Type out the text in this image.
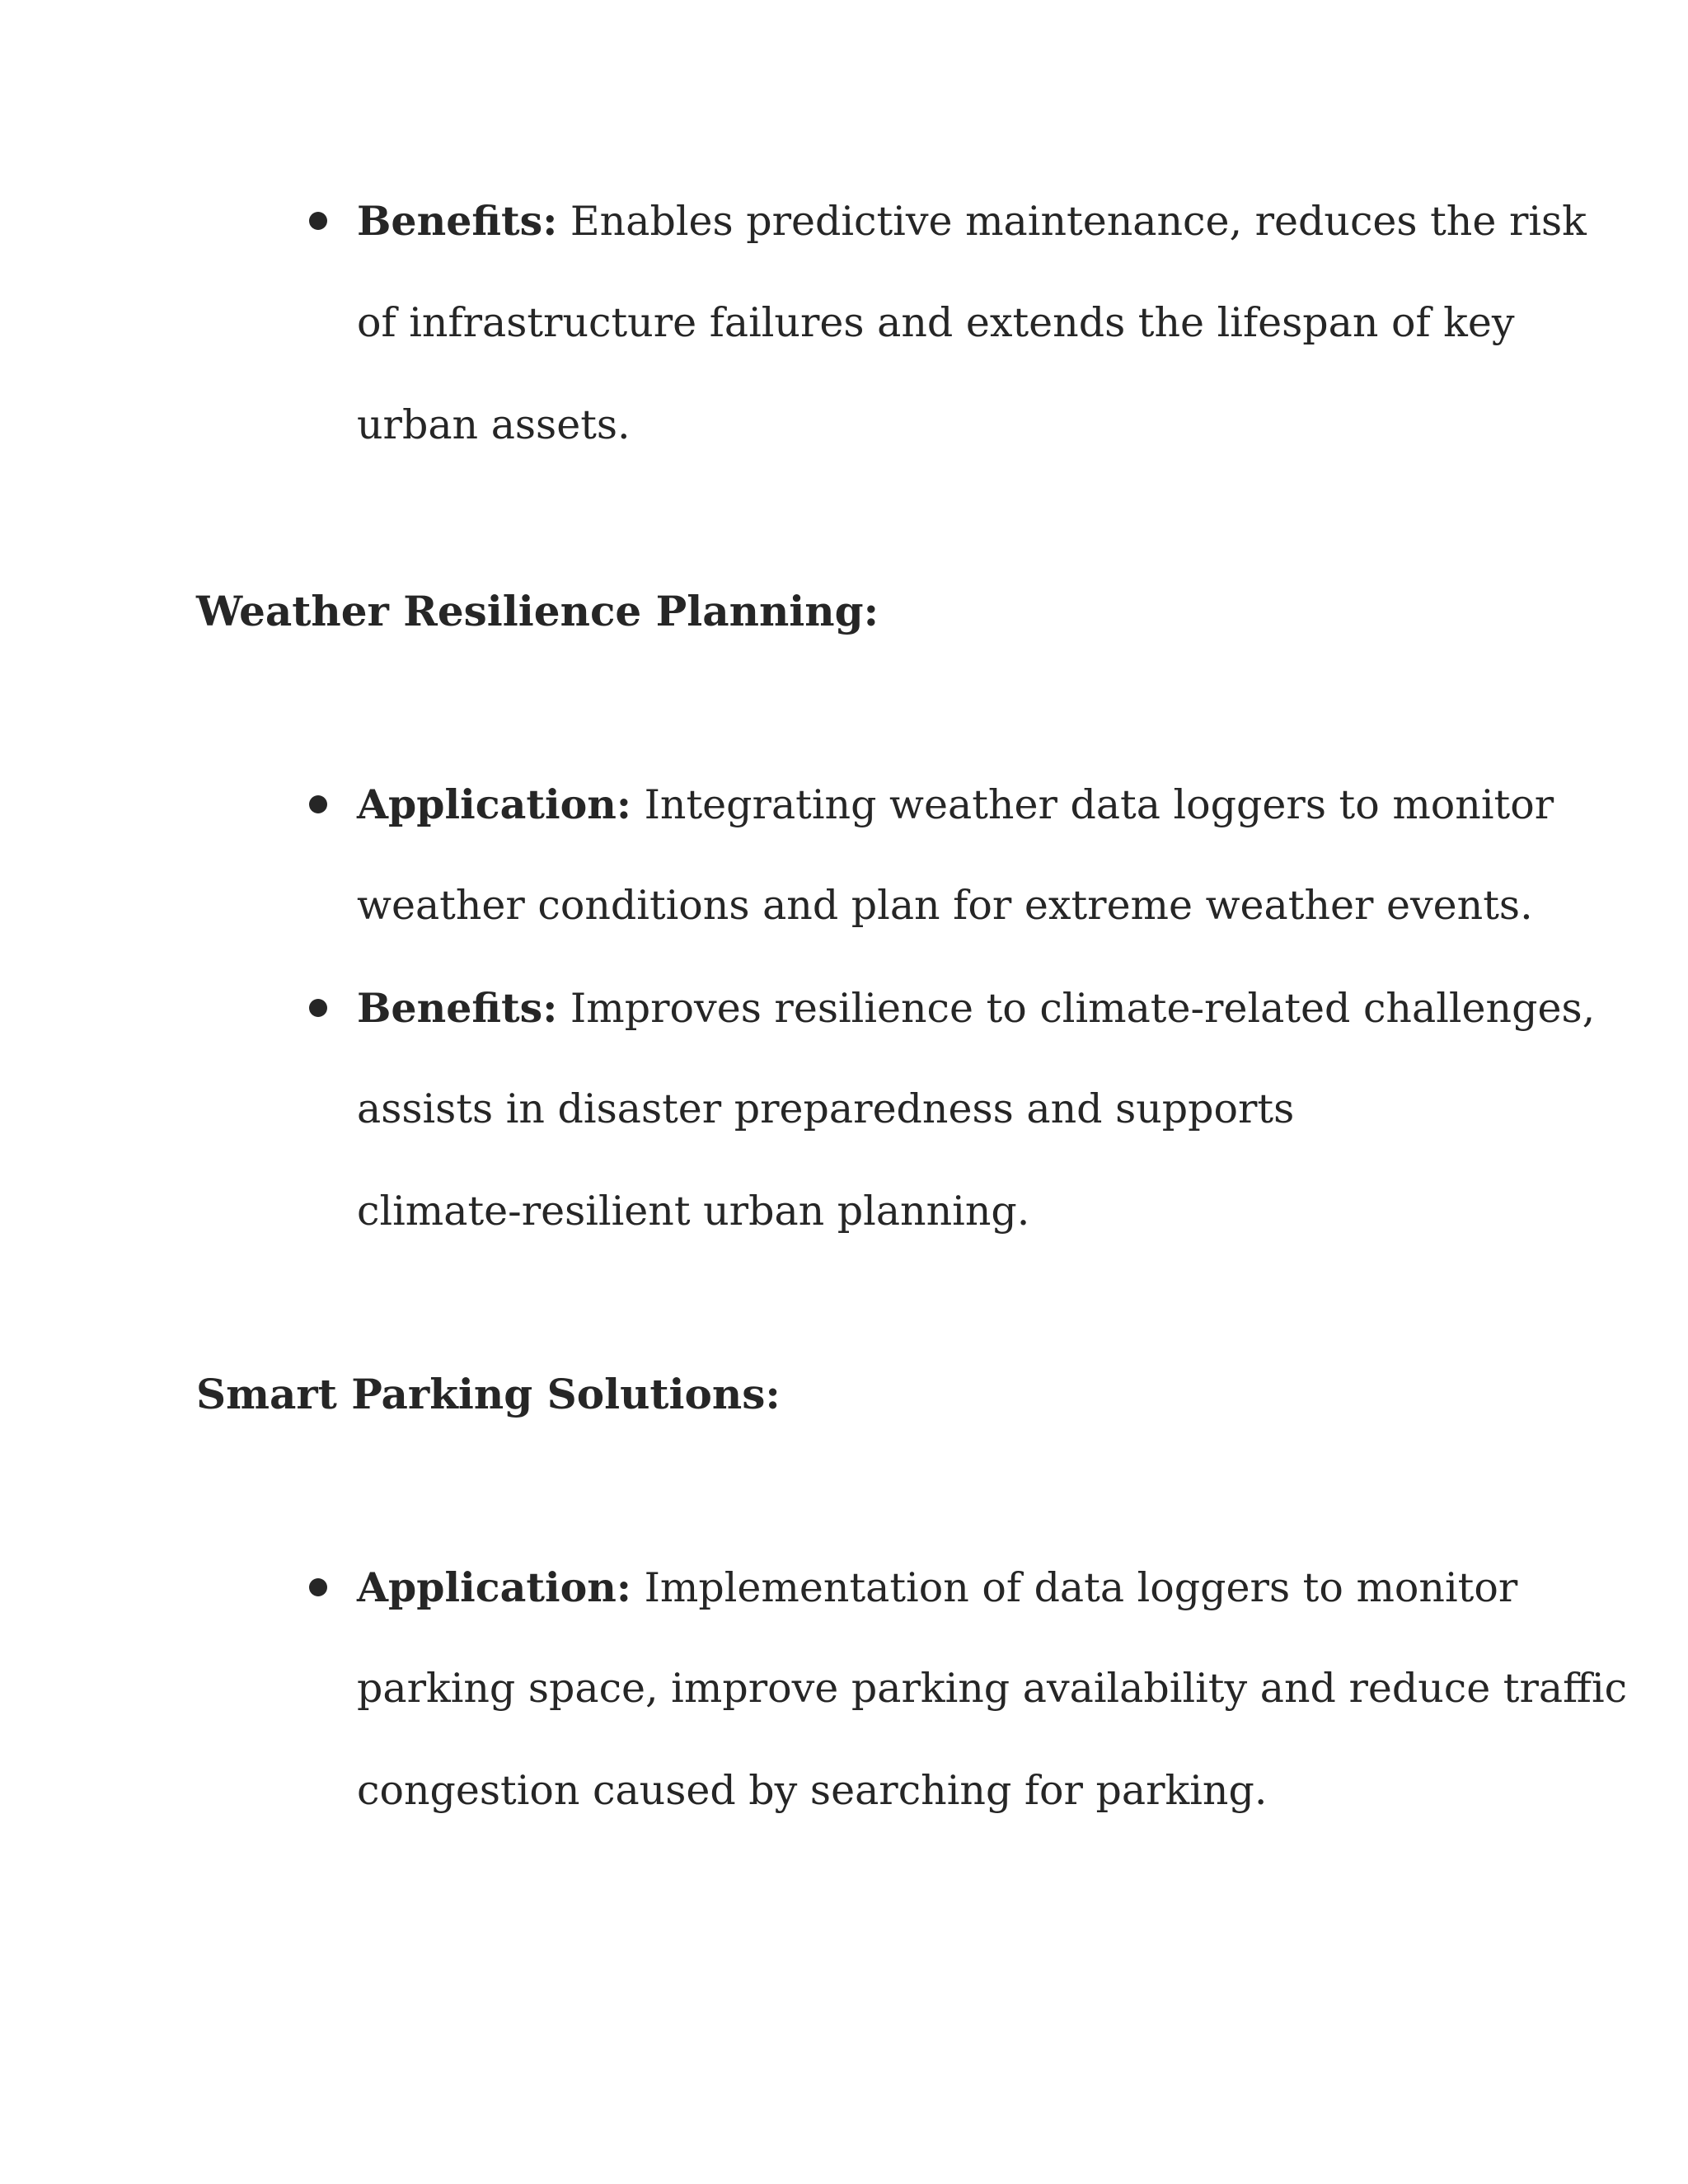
Benefits: Enables predictive maintenance, reduces the risk
of infrastructure failures and extends the lifespan of key
urban assets.
Weather Resilience Planning:
Application: Integrating weather data loggers to monitor
weather conditions and plan for extreme weather events.
Benefits: Improves resilience to climate-related challenges,
assists in disaster preparedness and supports
climate-resilient urban planning.
Smart Parking Solutions:
Application: Implementation of data loggers to monitor
parking space, improve parking availability and reduce traffic
congestion caused by searching for parking.
